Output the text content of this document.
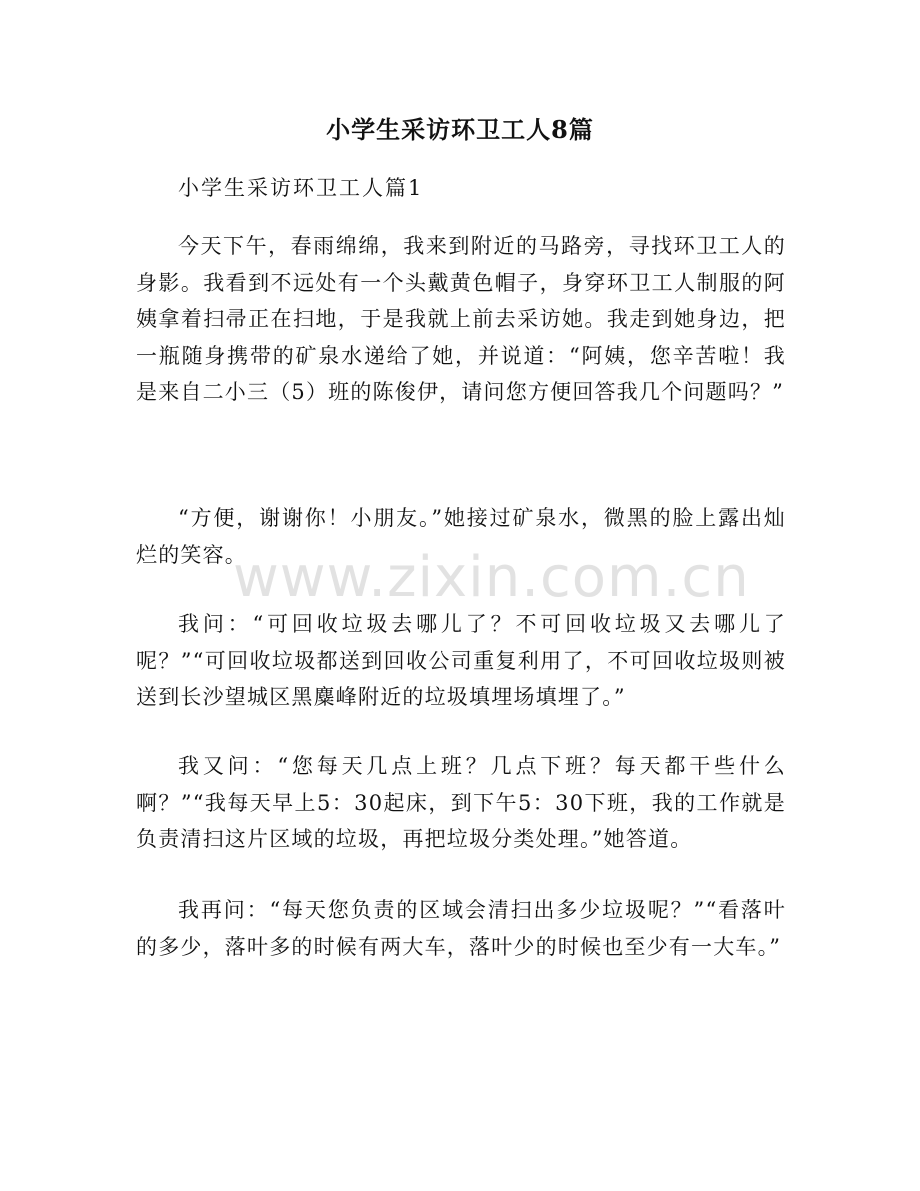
小学生采访环卫工人8篇
小学生采访环卫工人篇1

今天下午，春雨绵绵，我来到附近的马路旁，寻找环卫工人的身影。我看到不远处有一个头戴黄色帽子，身穿环卫工人制服的阿姨拿着扫帚正在扫地，于是我就上前去采访她。我走到她身边，把一瓶随身携带的矿泉水递给了她，并说道：“阿姨，您辛苦啦！我是来自二小三（5）班的陈俊伊，请问您方便回答我几个问题吗？”

“方便，谢谢你！小朋友。”她接过矿泉水，微黑的脸上露出灿烂的笑容。

我问：“可回收垃圾去哪儿了？不可回收垃圾又去哪儿了呢？”“可回收垃圾都送到回收公司重复利用了，不可回收垃圾则被送到长沙望城区黑麋峰附近的垃圾填埋场填埋了。”

我又问：“您每天几点上班？几点下班？每天都干些什么啊？”“我每天早上5：30起床，到下午5：30下班，我的工作就是负责清扫这片区域的垃圾，再把垃圾分类处理。”她答道。

我再问：“每天您负责的区域会清扫出多少垃圾呢？”“看落叶的多少，落叶多的时候有两大车，落叶少的时候也至少有一大车。”

www.zixin.com.cn
